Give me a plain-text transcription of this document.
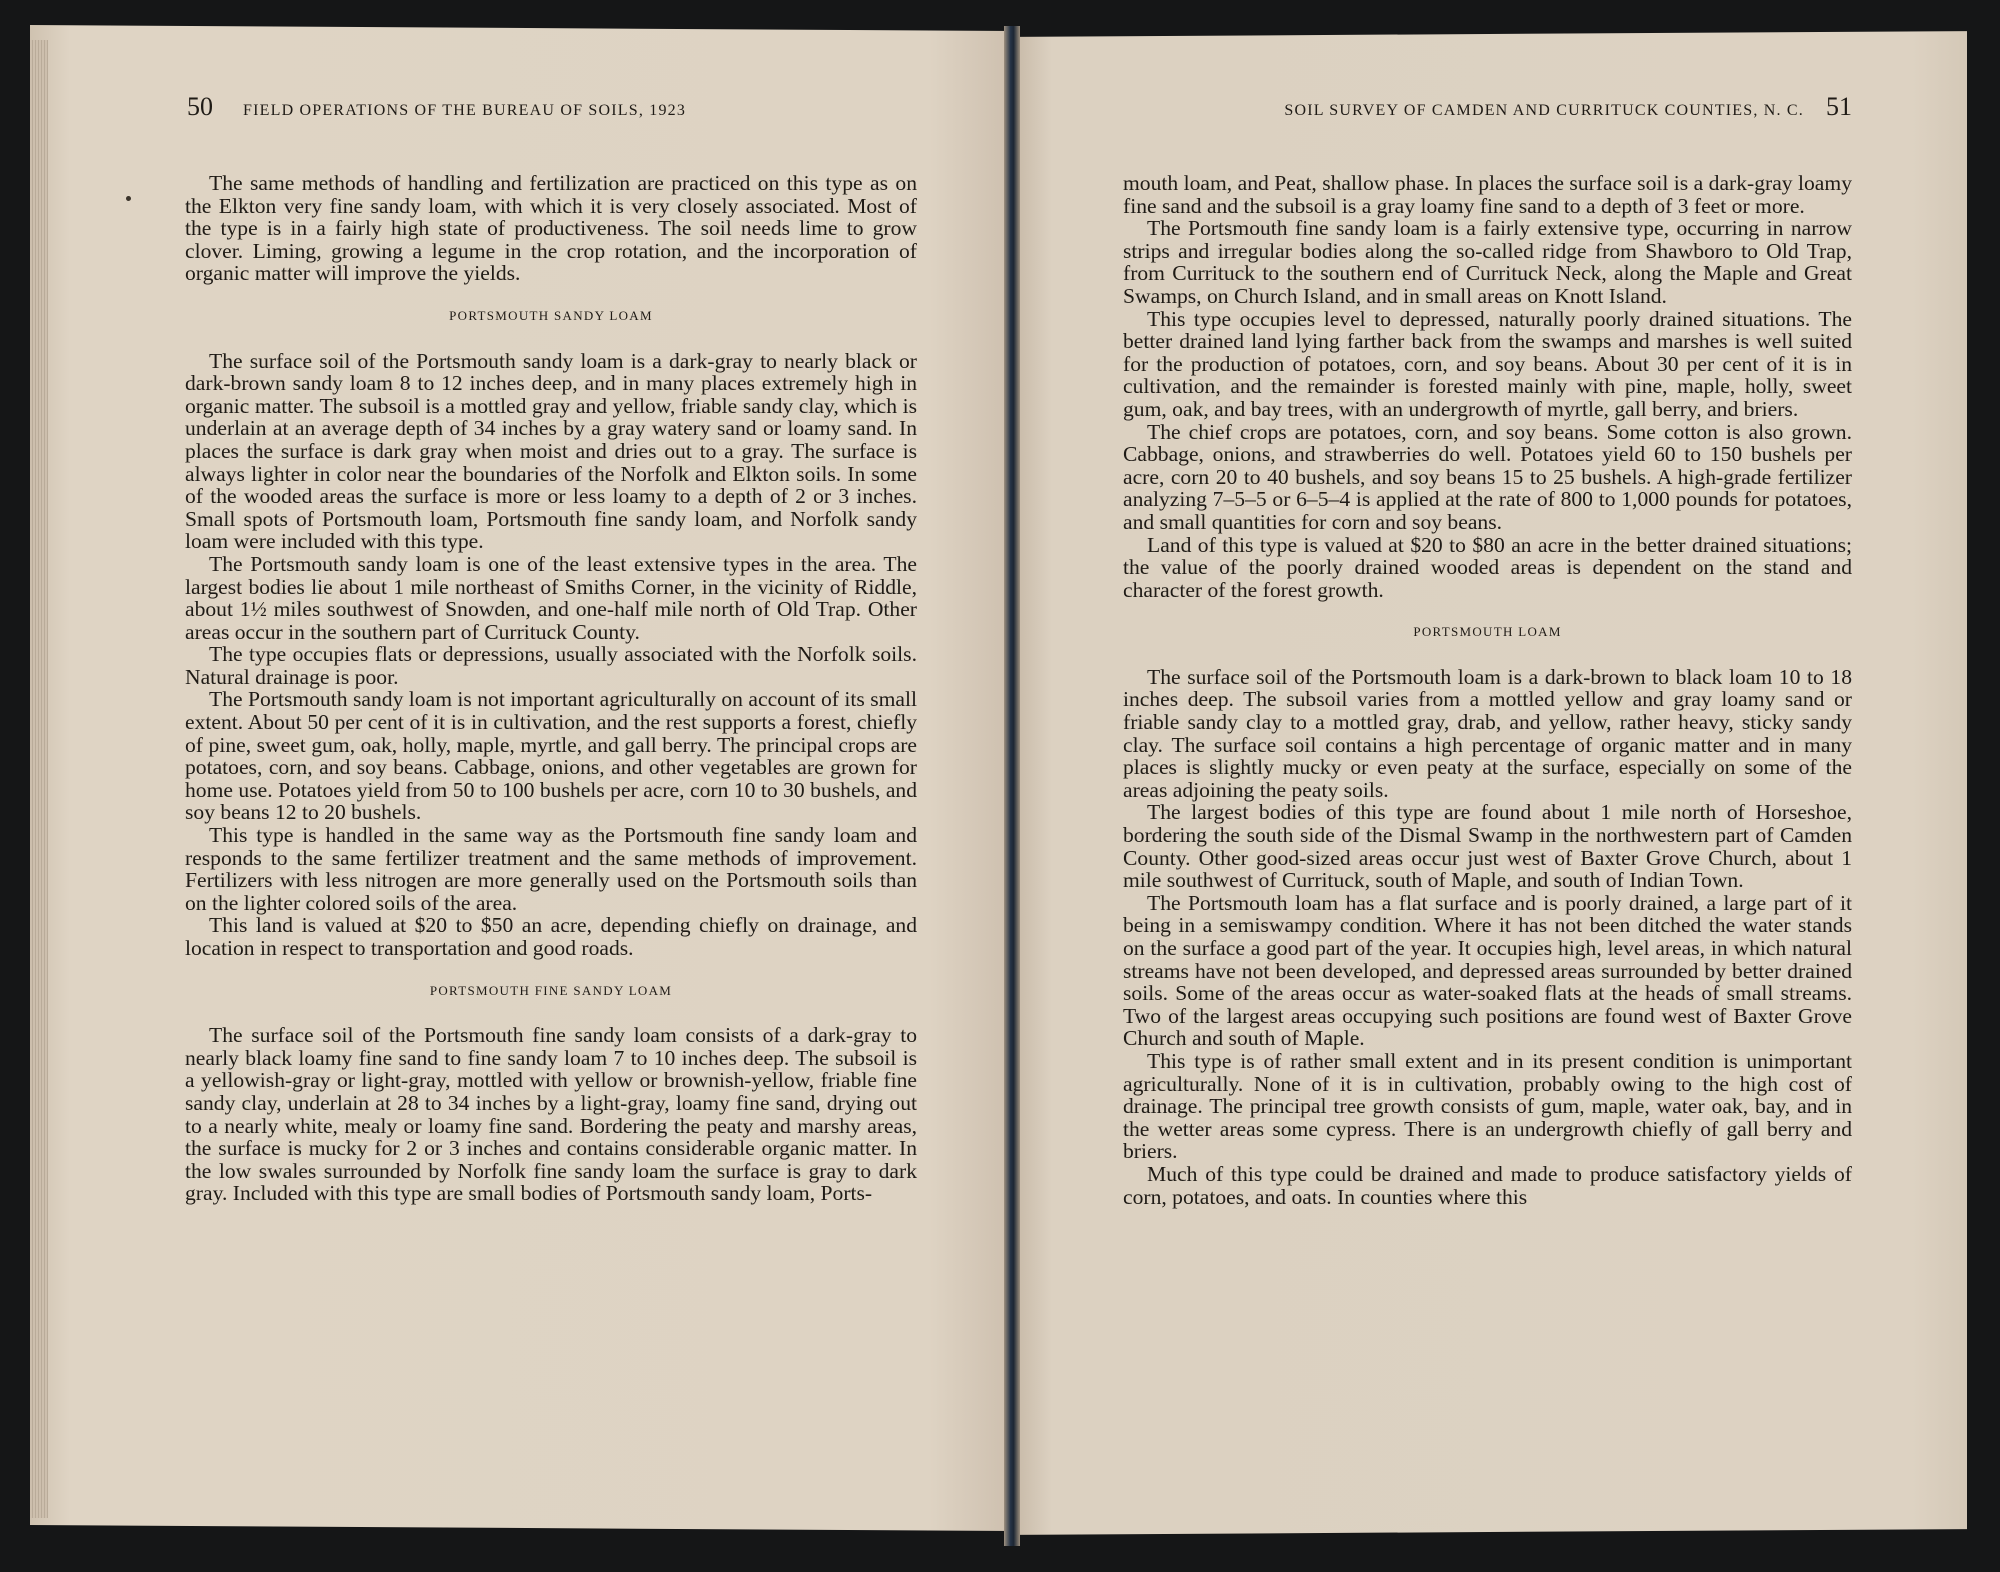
50 FIELD OPERATIONS OF THE BUREAU OF SOILS, 1923	SOIL SURVEY OF CAMDEN AND CURRITUCK COUNTIES, N. C. 51

The same methods of handling and fertilization are practiced on this type as on the Elkton very fine sandy loam, with which it is very closely associated. Most of the type is in a fairly high state of productiveness. The soil needs lime to grow clover. Liming, growing a legume in the crop rotation, and the incorporation of organic matter will improve the yields.

PORTSMOUTH SANDY LOAM

The surface soil of the Portsmouth sandy loam is a dark-gray to nearly black or dark-brown sandy loam 8 to 12 inches deep, and in many places extremely high in organic matter. The subsoil is a mottled gray and yellow, friable sandy clay, which is underlain at an average depth of 34 inches by a gray watery sand or loamy sand. In places the surface is dark gray when moist and dries out to a gray. The surface is always lighter in color near the boundaries of the Norfolk and Elkton soils. In some of the wooded areas the surface is more or less loamy to a depth of 2 or 3 inches. Small spots of Portsmouth loam, Portsmouth fine sandy loam, and Norfolk sandy loam were included with this type.

The Portsmouth sandy loam is one of the least extensive types in the area. The largest bodies lie about 1 mile northeast of Smiths Corner, in the vicinity of Riddle, about 1½ miles southwest of Snowden, and one-half mile north of Old Trap. Other areas occur in the southern part of Currituck County.

The type occupies flats or depressions, usually associated with the Norfolk soils. Natural drainage is poor.

The Portsmouth sandy loam is not important agriculturally on account of its small extent. About 50 per cent of it is in cultivation, and the rest supports a forest, chiefly of pine, sweet gum, oak, holly, maple, myrtle, and gall berry. The principal crops are potatoes, corn, and soy beans. Cabbage, onions, and other vegetables are grown for home use. Potatoes yield from 50 to 100 bushels per acre, corn 10 to 30 bushels, and soy beans 12 to 20 bushels.

This type is handled in the same way as the Portsmouth fine sandy loam and responds to the same fertilizer treatment and the same methods of improvement. Fertilizers with less nitrogen are more generally used on the Portsmouth soils than on the lighter colored soils of the area.

This land is valued at $20 to $50 an acre, depending chiefly on drainage, and location in respect to transportation and good roads.

PORTSMOUTH FINE SANDY LOAM

The surface soil of the Portsmouth fine sandy loam consists of a dark-gray to nearly black loamy fine sand to fine sandy loam 7 to 10 inches deep. The subsoil is a yellowish-gray or light-gray, mottled with yellow or brownish-yellow, friable fine sandy clay, underlain at 28 to 34 inches by a light-gray, loamy fine sand, drying out to a nearly white, mealy or loamy fine sand. Bordering the peaty and marshy areas, the surface is mucky for 2 or 3 inches and contains considerable organic matter. In the low swales surrounded by Norfolk fine sandy loam the surface is gray to dark gray. Included with this type are small bodies of Portsmouth sandy loam, Ports-

mouth loam, and Peat, shallow phase. In places the surface soil is a dark-gray loamy fine sand and the subsoil is a gray loamy fine sand to a depth of 3 feet or more.

The Portsmouth fine sandy loam is a fairly extensive type, occurring in narrow strips and irregular bodies along the so-called ridge from Shawboro to Old Trap, from Currituck to the southern end of Currituck Neck, along the Maple and Great Swamps, on Church Island, and in small areas on Knott Island.

This type occupies level to depressed, naturally poorly drained situations. The better drained land lying farther back from the swamps and marshes is well suited for the production of potatoes, corn, and soy beans. About 30 per cent of it is in cultivation, and the remainder is forested mainly with pine, maple, holly, sweet gum, oak, and bay trees, with an undergrowth of myrtle, gall berry, and briers.

The chief crops are potatoes, corn, and soy beans. Some cotton is also grown. Cabbage, onions, and strawberries do well. Potatoes yield 60 to 150 bushels per acre, corn 20 to 40 bushels, and soy beans 15 to 25 bushels. A high-grade fertilizer analyzing 7–5–5 or 6–5–4 is applied at the rate of 800 to 1,000 pounds for potatoes, and small quantities for corn and soy beans.

Land of this type is valued at $20 to $80 an acre in the better drained situations; the value of the poorly drained wooded areas is dependent on the stand and character of the forest growth.

PORTSMOUTH LOAM

The surface soil of the Portsmouth loam is a dark-brown to black loam 10 to 18 inches deep. The subsoil varies from a mottled yellow and gray loamy sand or friable sandy clay to a mottled gray, drab, and yellow, rather heavy, sticky sandy clay. The surface soil contains a high percentage of organic matter and in many places is slightly mucky or even peaty at the surface, especially on some of the areas adjoining the peaty soils.

The largest bodies of this type are found about 1 mile north of Horseshoe, bordering the south side of the Dismal Swamp in the northwestern part of Camden County. Other good-sized areas occur just west of Baxter Grove Church, about 1 mile southwest of Currituck, south of Maple, and south of Indian Town.

The Portsmouth loam has a flat surface and is poorly drained, a large part of it being in a semiswampy condition. Where it has not been ditched the water stands on the surface a good part of the year. It occupies high, level areas, in which natural streams have not been developed, and depressed areas surrounded by better drained soils. Some of the areas occur as water-soaked flats at the heads of small streams. Two of the largest areas occupying such positions are found west of Baxter Grove Church and south of Maple.

This type is of rather small extent and in its present condition is unimportant agriculturally. None of it is in cultivation, probably owing to the high cost of drainage. The principal tree growth consists of gum, maple, water oak, bay, and in the wetter areas some cypress. There is an undergrowth chiefly of gall berry and briers.

Much of this type could be drained and made to produce satisfactory yields of corn, potatoes, and oats. In counties where this
